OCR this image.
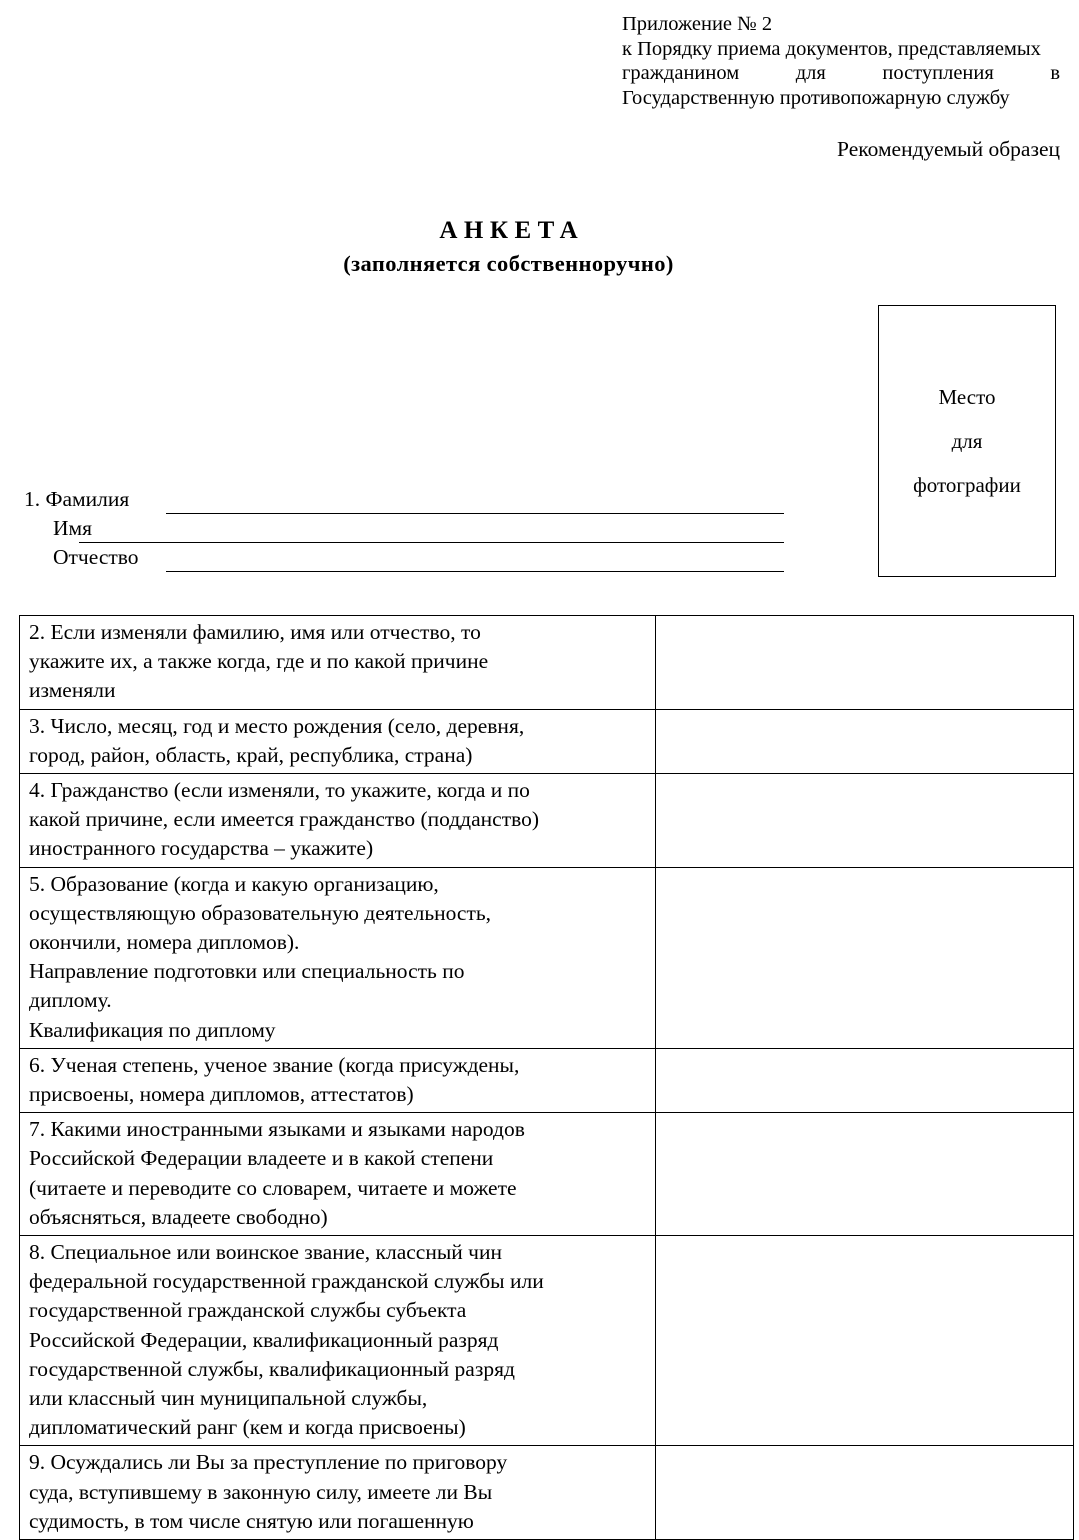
Приложение № 2
к Порядку приема документов, представляемых
гражданином для поступления в
Государственную противопожарную службу
Рекомендуемый образец
АНКЕТА
(заполняется собственноручно)
Место
для
фотографии
1. Фамилия
Имя
Отчество
2. Если изменяли фамилию, имя или отчество, то
укажите их, а также когда, где и по какой причине
изменяли	

3. Число, месяц, год и место рождения (село, деревня,
город, район, область, край, республика, страна)	

4. Гражданство (если изменяли, то укажите, когда и по
какой причине, если имеется гражданство (подданство)
иностранного государства – укажите)	

5. Образование (когда и какую организацию,
осуществляющую образовательную деятельность,
окончили, номера дипломов).
Направление подготовки или специальность по
диплому.
Квалификация по диплому

6. Ученая степень, ученое звание (когда присуждены,
присвоены, номера дипломов, аттестатов)	

7. Какими иностранными языками и языками народов
Российской Федерации владеете и в какой степени
(читаете и переводите со словарем, читаете и можете
объясняться, владеете свободно)	

8. Специальное или воинское звание, классный чин
федеральной государственной гражданской службы или
государственной гражданской службы субъекта
Российской Федерации, квалификационный разряд
государственной службы, квалификационный разряд
или классный чин муниципальной службы,
дипломатический ранг (кем и когда присвоены)

9. Осуждались ли Вы за преступление по приговору
суда, вступившему в законную силу, имеете ли Вы
судимость, в том числе снятую или погашенную	
